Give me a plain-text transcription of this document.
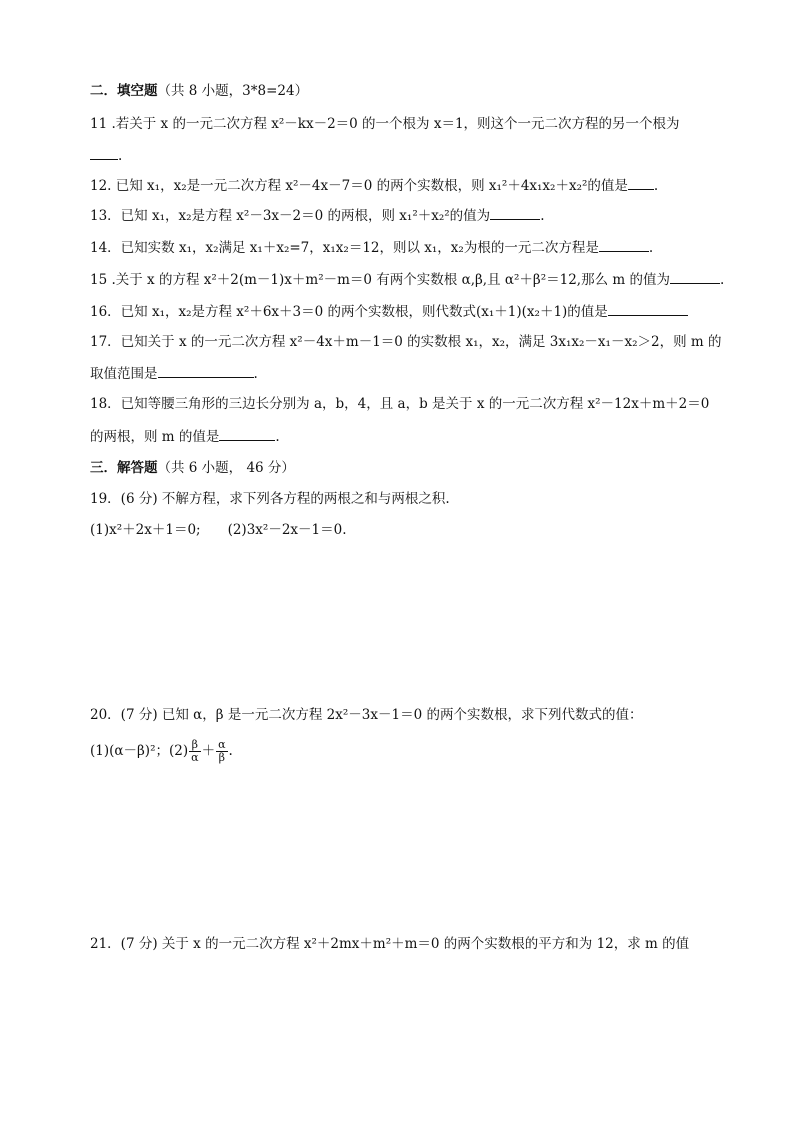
二．填空题（共 8 小题，3*8=24）
11 .若关于 x 的一元二次方程 x²－kx－2＝0 的一个根为 x＝1，则这个一元二次方程的另一个根为
.
12. 已知 x₁，x₂是一元二次方程 x²－4x－7＝0 的两个实数根，则 x₁²＋4x₁x₂＋x₂²的值是 .
13．已知 x₁，x₂是方程 x²－3x－2＝0 的两根，则 x₁²＋x₂²的值为	.
14．已知实数 x₁，x₂满足 x₁＋x₂=7，x₁x₂＝12，则以 x₁，x₂为根的一元二次方程是	.
15 .关于 x 的方程 x²＋2(m－1)x＋m²－m＝0 有两个实数根 α,β,且 α²＋β²＝12,那么 m 的值为	.
16．已知 x₁，x₂是方程 x²＋6x＋3＝0 的两个实数根，则代数式(x₁＋1)(x₂＋1)的值是
17．已知关于 x 的一元二次方程 x²－4x＋m－1＝0 的实数根 x₁，x₂，满足 3x₁x₂－x₁－x₂＞2，则 m 的
取值范围是	.
18．已知等腰三角形的三边长分别为 a，b，4，且 a，b 是关于 x 的一元二次方程 x²－12x＋m＋2＝0
的两根，则 m 的值是	.
三．解答题（共 6 小题， 46 分）
19．(6 分) 不解方程，求下列各方程的两根之和与两根之积.
(1)x²＋2x＋1＝0;　　(2)3x²－2x－1＝0.
20．(7 分) 已知 α，β 是一元二次方程 2x²－3x－1＝0 的两个实数根，求下列代数式的值：
(1)(α－β)²；$(2) \frac{\beta}{\alpha} + \frac{\alpha}{\beta}$ .
21．(7 分) 关于 x 的一元二次方程 x²＋2mx＋m²＋m＝0 的两个实数根的平方和为 12，求 m 的值
